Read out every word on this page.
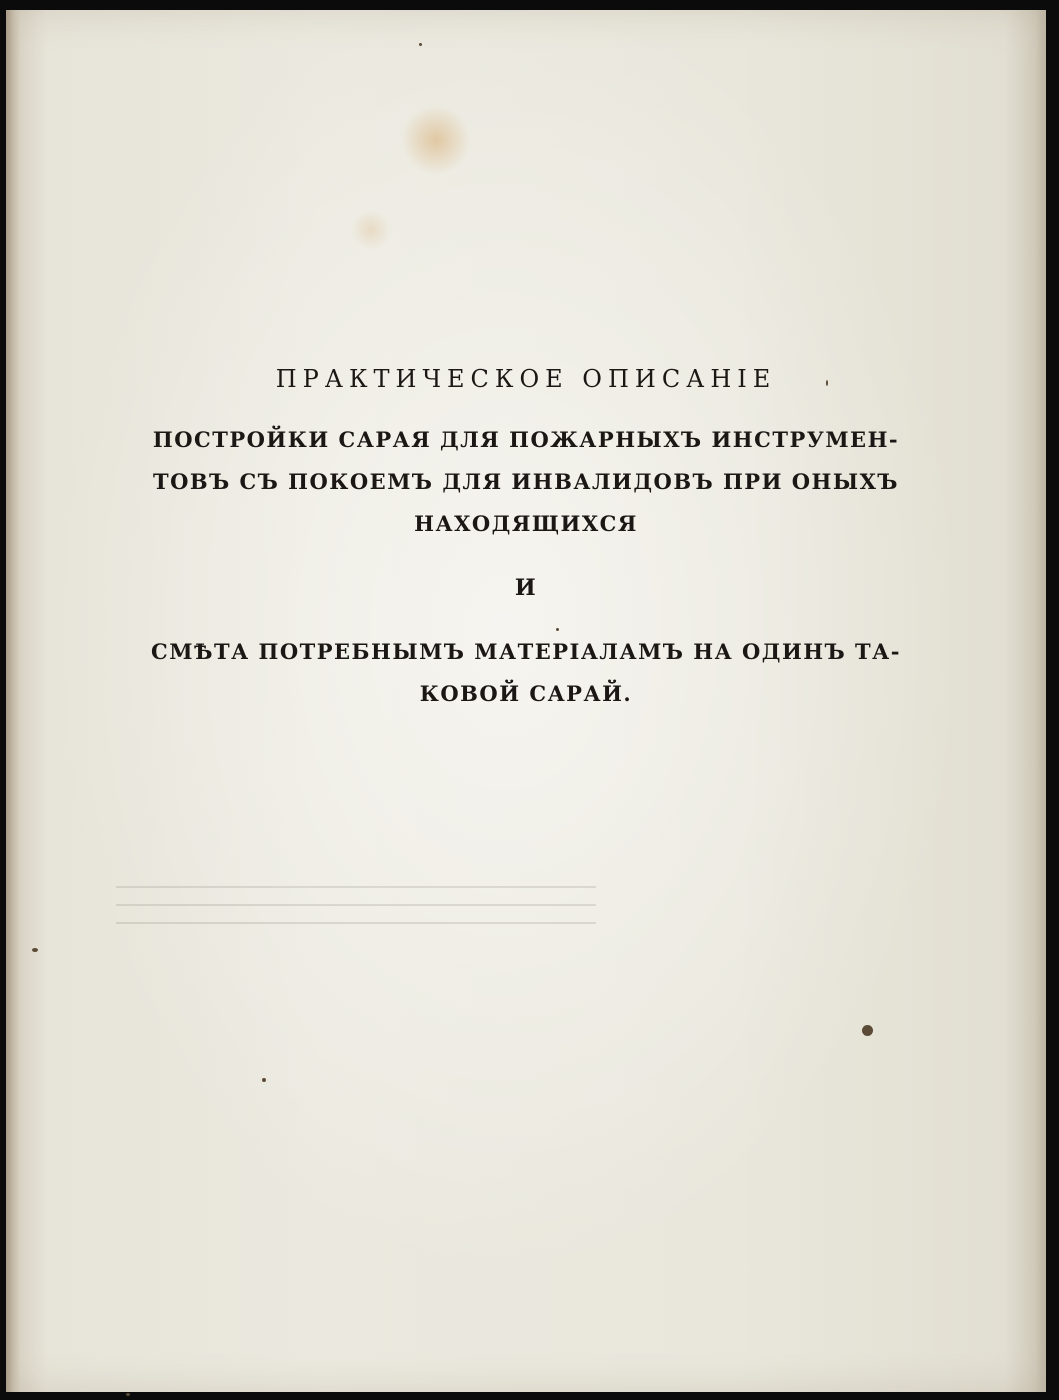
ПРАКТИЧЕСКОЕ ОПИСАНІЕ

ПОСТРОЙКИ САРАЯ ДЛЯ ПОЖАРНЫХЪ ИНСТРУМЕН-

ТОВЪ СЪ ПОКОЕМЪ ДЛЯ ИНВАЛИДОВЪ ПРИ ОНЫХЪ

НАХОДЯЩИХСЯ

И

СМѢТА ПОТРЕБНЫМЪ МАТЕРІАЛАМЪ НА ОДИНЪ ТА-

КОВОЙ САРАЙ.
